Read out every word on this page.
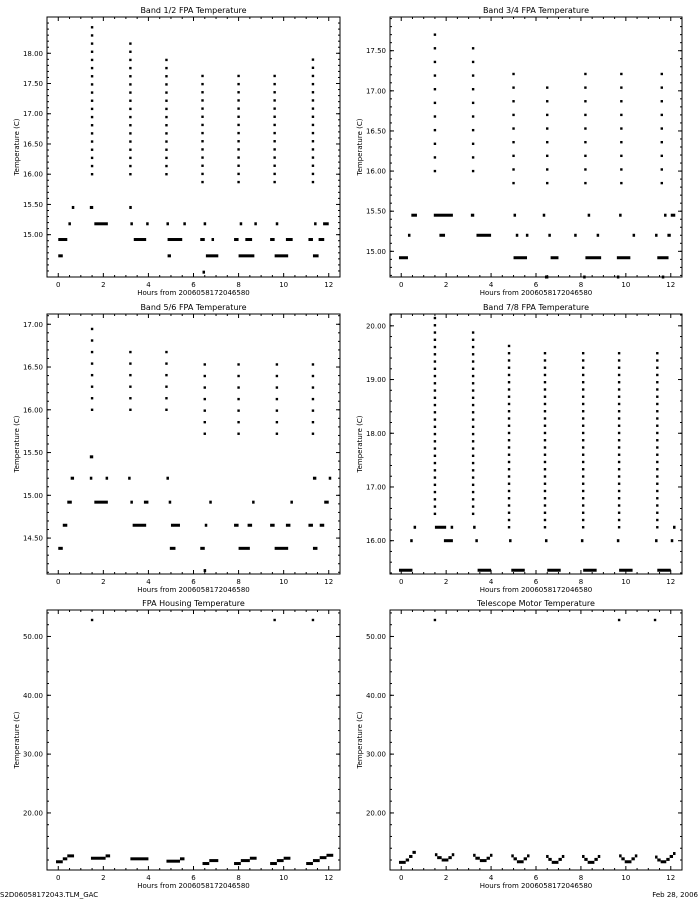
Band 1/2 FPA Temperature
0	2	4	6	8	10	12
Hours from 2006058172046580
15.00
15.50
16.00
16.50
17.00
17.50
18.00
Temperature (C)
Band 3/4 FPA Temperature
0	2	4	6	8	10	12
Hours from 2006058172046580
15.00
15.50
16.00
16.50
17.00
17.50
Temperature (C)
Band 5/6 FPA Temperature
0	2	4	6	8	10	12
Hours from 2006058172046580
14.50
15.00
15.50
16.00
16.50
17.00
Temperature (C)
Band 7/8 FPA Temperature
0	2	4	6	8	10	12
Hours from 2006058172046580
16.00
17.00
18.00
19.00
20.00
Temperature (C)
FPA Housing Temperature
0	2	4	6	8	10	12
Hours from 2006058172046580
20.00
30.00
40.00
50.00
Temperature (C)
Telescope Motor Temperature
0	2	4	6	8	10	12
Hours from 2006058172046580
20.00
30.00
40.00
50.00
Temperature (C)
S2D06058172043.TLM_GAC	Feb 28, 2006
